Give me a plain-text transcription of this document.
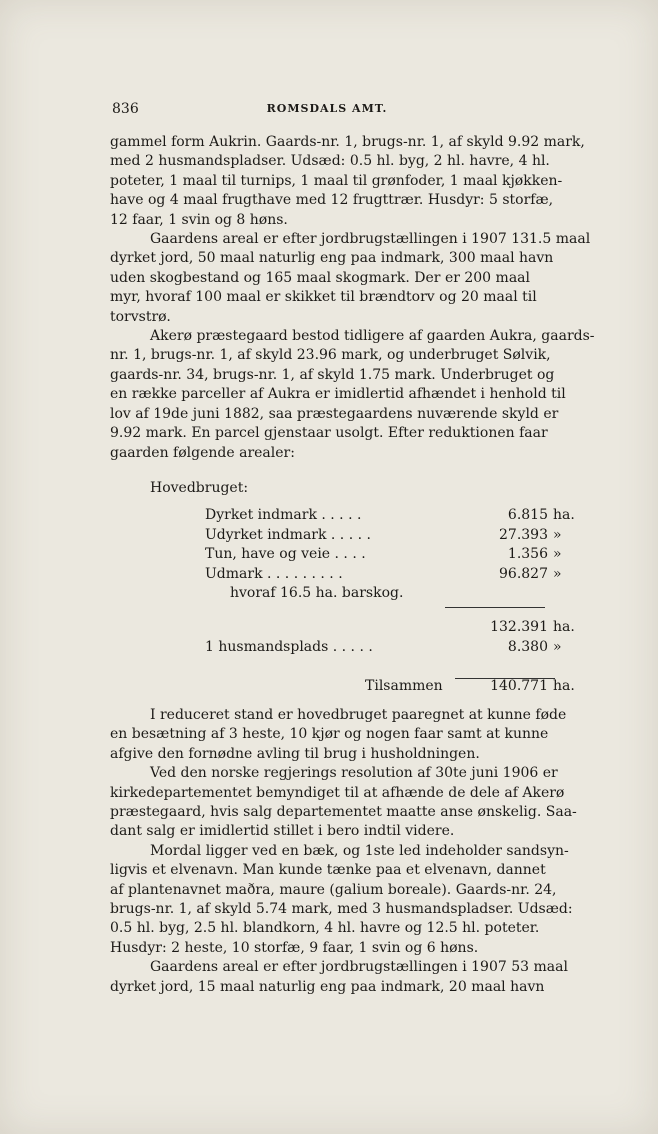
836	ROMSDALS AMT.
gammel form Aukrin. Gaards-nr. 1, brugs-nr. 1, af skyld 9.92 mark,
med 2 husmandspladser. Udsæd: 0.5 hl. byg, 2 hl. havre, 4 hl.
poteter, 1 maal til turnips, 1 maal til grønfoder, 1 maal kjøkken-
have og 4 maal frugthave med 12 frugttrær. Husdyr: 5 storfæ,
12 faar, 1 svin og 8 høns.
Gaardens areal er efter jordbrugstællingen i 1907 131.5 maal
dyrket jord, 50 maal naturlig eng paa indmark, 300 maal havn
uden skogbestand og 165 maal skogmark. Der er 200 maal
myr, hvoraf 100 maal er skikket til brændtorv og 20 maal til
torvstrø.
Akerø præstegaard bestod tidligere af gaarden Aukra, gaards-
nr. 1, brugs-nr. 1, af skyld 23.96 mark, og underbruget Sølvik,
gaards-nr. 34, brugs-nr. 1, af skyld 1.75 mark. Underbruget og
en række parceller af Aukra er imidlertid afhændet i henhold til
lov af 19de juni 1882, saa præstegaardens nuværende skyld er
9.92 mark. En parcel gjenstaar usolgt. Efter reduktionen faar
gaarden følgende arealer:
Hovedbruget:
Dyrket indmark . . . . .	6.815 ha.
Udyrket indmark . . . . .	27.393 »
Tun, have og veie . . . .	1.356 »
Udmark . . . . . . . . .	96.827 »
hvoraf 16.5 ha. barskog.
132.391 ha.
1 husmandsplads . . . . .	8.380 »
Tilsammen	140.771 ha.
I reduceret stand er hovedbruget paaregnet at kunne føde
en besætning af 3 heste, 10 kjør og nogen faar samt at kunne
afgive den fornødne avling til brug i husholdningen.
Ved den norske regjerings resolution af 30te juni 1906 er
kirkedepartementet bemyndiget til at afhænde de dele af Akerø
præstegaard, hvis salg departementet maatte anse ønskelig. Saa-
dant salg er imidlertid stillet i bero indtil videre.
Mordal ligger ved en bæk, og 1ste led indeholder sandsyn-
ligvis et elvenavn. Man kunde tænke paa et elvenavn, dannet
af plantenavnet maðra, maure (galium boreale). Gaards-nr. 24,
brugs-nr. 1, af skyld 5.74 mark, med 3 husmandspladser. Udsæd:
0.5 hl. byg, 2.5 hl. blandkorn, 4 hl. havre og 12.5 hl. poteter.
Husdyr: 2 heste, 10 storfæ, 9 faar, 1 svin og 6 høns.
Gaardens areal er efter jordbrugstællingen i 1907 53 maal
dyrket jord, 15 maal naturlig eng paa indmark, 20 maal havn
